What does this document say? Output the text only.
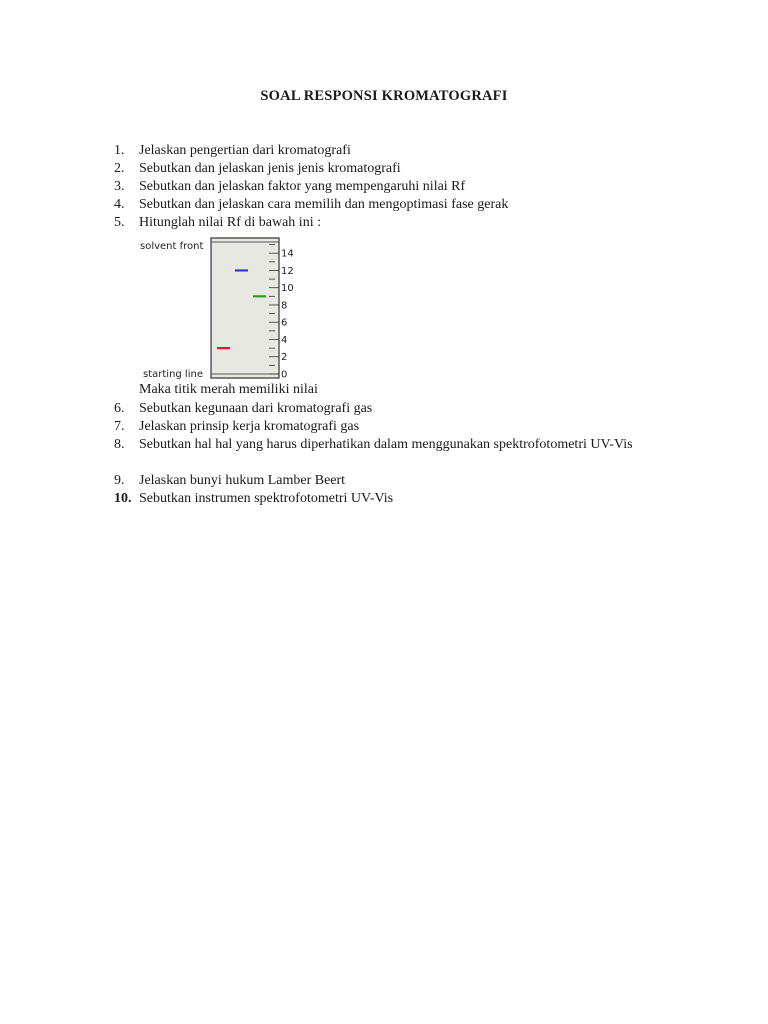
SOAL RESPONSI KROMATOGRAFI
1.	Jelaskan pengertian dari kromatografi
2.	Sebutkan dan jelaskan jenis jenis kromatografi
3.	Sebutkan dan jelaskan faktor yang mempengaruhi nilai Rf
4.	Sebutkan dan jelaskan cara memilih dan mengoptimasi fase gerak
5.	Hitunglah nilai Rf di bawah ini :
solvent front
starting line	0
2
4
6
8
10
12
14
Maka titik merah memiliki nilai
6.	Sebutkan kegunaan dari kromatografi gas
7.	Jelaskan prinsip kerja kromatografi gas
8.	Sebutkan hal hal yang harus diperhatikan dalam menggunakan spektrofotometri UV-Vis
9.	Jelaskan bunyi hukum Lamber Beert
10. Sebutkan instrumen spektrofotometri UV-Vis
